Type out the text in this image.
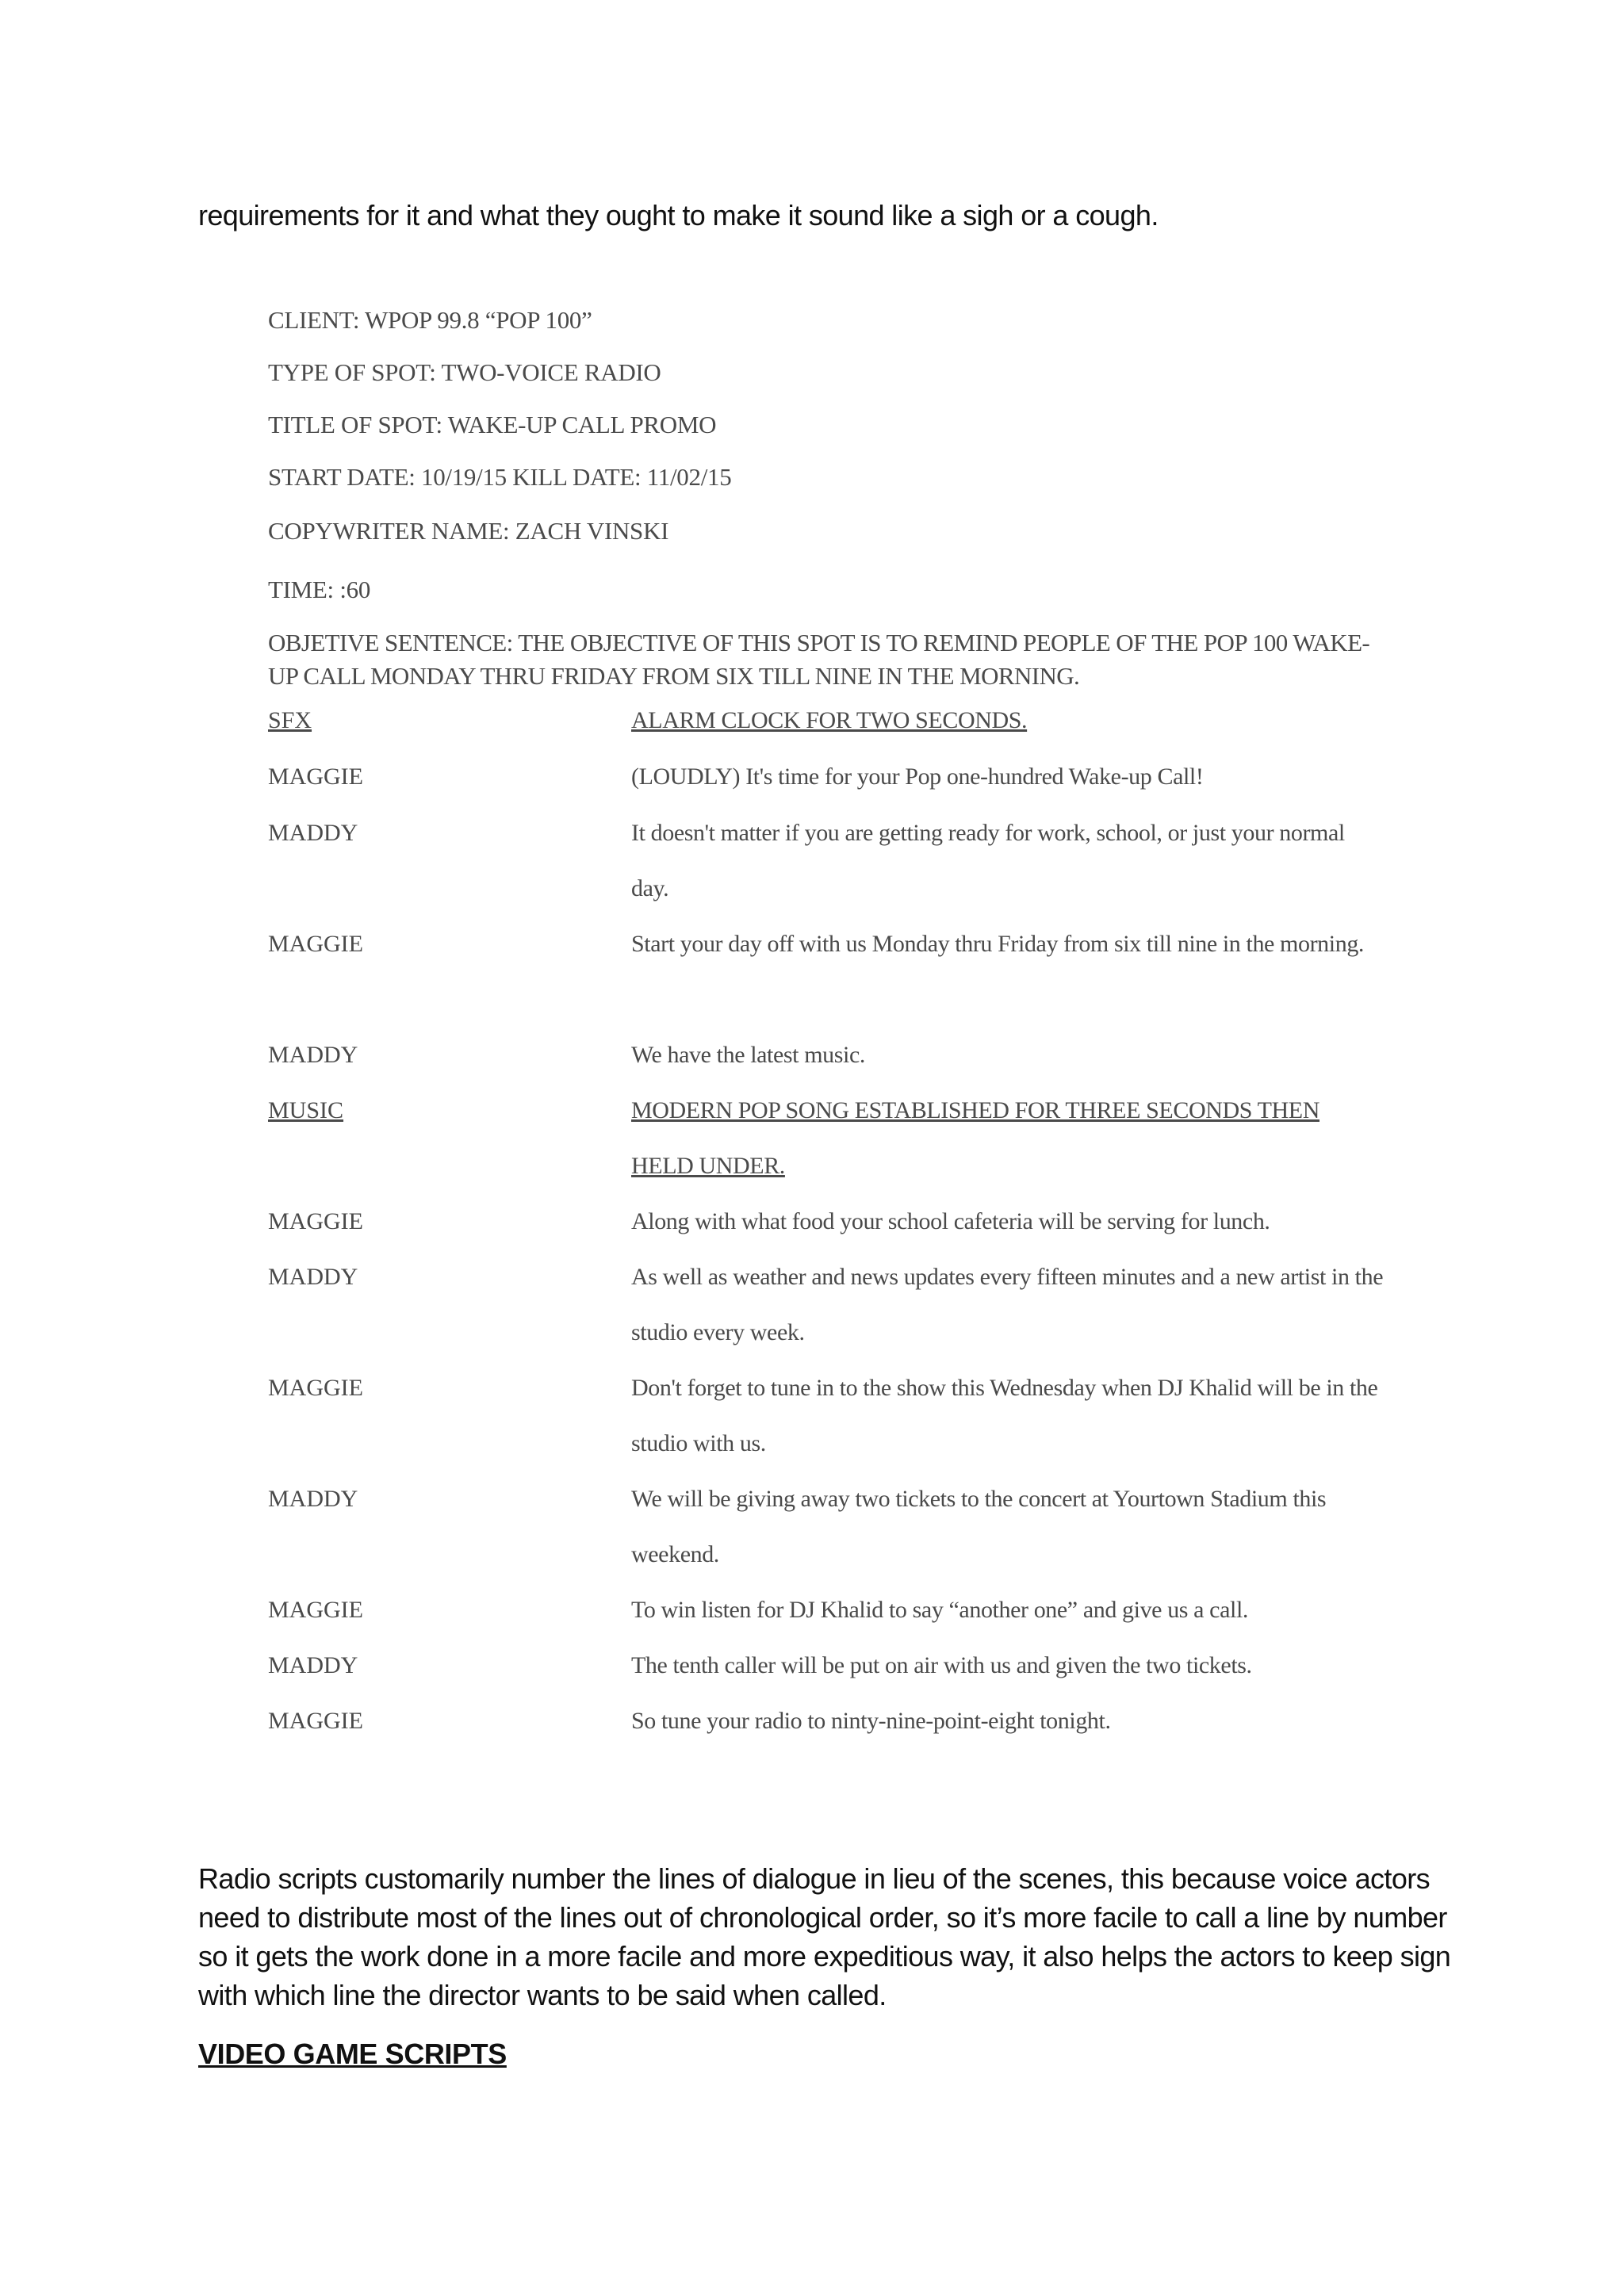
requirements for it and what they ought to make it sound like a sigh or a cough.
CLIENT: WPOP 99.8 “POP 100”
TYPE OF SPOT: TWO-VOICE RADIO
TITLE OF SPOT: WAKE-UP CALL PROMO
START DATE: 10/19/15 KILL DATE: 11/02/15
COPYWRITER NAME: ZACH VINSKI
TIME: :60
OBJETIVE SENTENCE: THE OBJECTIVE OF THIS SPOT IS TO REMIND PEOPLE OF THE POP 100 WAKE-UP CALL MONDAY THRU FRIDAY FROM SIX TILL NINE IN THE MORNING.
SFX	ALARM CLOCK FOR TWO SECONDS.
MAGGIE	(LOUDLY) It's time for your Pop one-hundred Wake-up Call!
MADDY	It doesn't matter if you are getting ready for work, school, or just your normal day.
MAGGIE	Start your day off with us Monday thru Friday from six till nine in the morning.
MADDY	We have the latest music.
MUSIC	MODERN POP SONG ESTABLISHED FOR THREE SECONDS THEN HELD UNDER.
MAGGIE	Along with what food your school cafeteria will be serving for lunch.
MADDY	As well as weather and news updates every fifteen minutes and a new artist in the studio every week.
MAGGIE	Don't forget to tune in to the show this Wednesday when DJ Khalid will be in the studio with us.
MADDY	We will be giving away two tickets to the concert at Yourtown Stadium this weekend.
MAGGIE	To win listen for DJ Khalid to say “another one” and give us a call.
MADDY	The tenth caller will be put on air with us and given the two tickets.
MAGGIE	So tune your radio to ninty-nine-point-eight tonight.
Radio scripts customarily number the lines of dialogue in lieu of the scenes, this because voice actors need to distribute most of the lines out of chronological order, so it’s more facile to call a line by number so it gets the work done in a more facile and more expeditious way, it also helps the actors to keep sign with which line the director wants to be said when called.
VIDEO GAME SCRIPTS
